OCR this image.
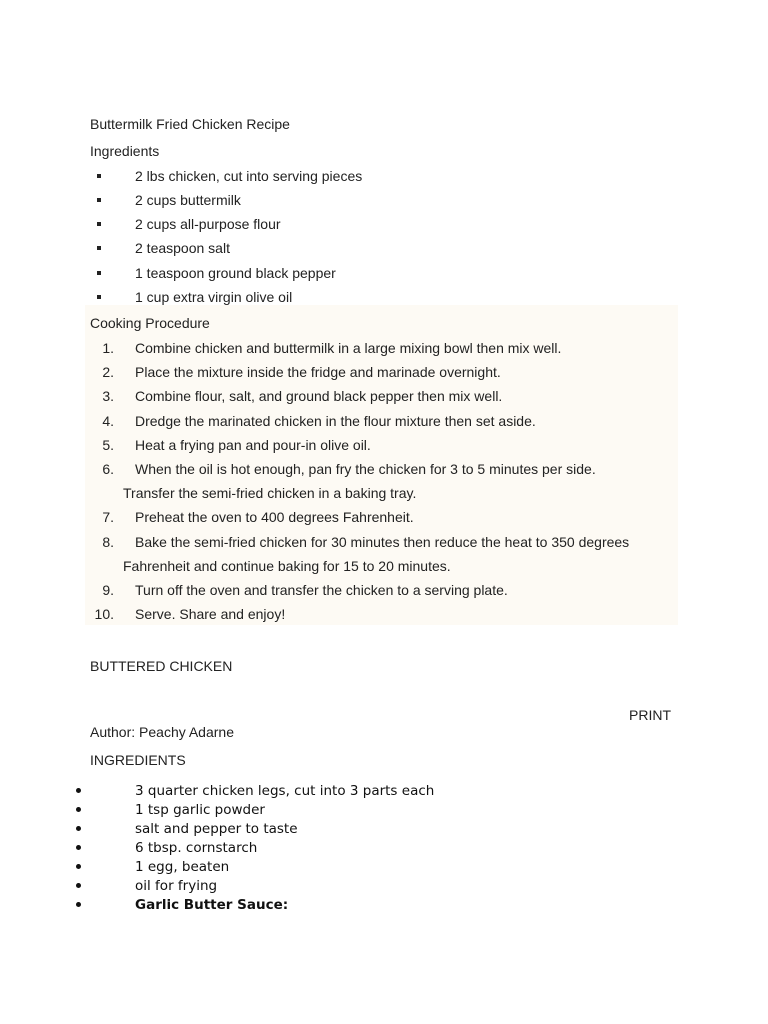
Buttermilk Fried Chicken Recipe
Ingredients
2 lbs chicken, cut into serving pieces
2 cups buttermilk
2 cups all-purpose flour
2 teaspoon salt
1 teaspoon ground black pepper
1 cup extra virgin olive oil
Cooking Procedure
1. Combine chicken and buttermilk in a large mixing bowl then mix well.
2. Place the mixture inside the fridge and marinade overnight.
3. Combine flour, salt, and ground black pepper then mix well.
4. Dredge the marinated chicken in the flour mixture then set aside.
5. Heat a frying pan and pour-in olive oil.
6. When the oil is hot enough, pan fry the chicken for 3 to 5 minutes per side.
Transfer the semi-fried chicken in a baking tray.
7. Preheat the oven to 400 degrees Fahrenheit.
8. Bake the semi-fried chicken for 30 minutes then reduce the heat to 350 degrees
Fahrenheit and continue baking for 15 to 20 minutes.
9. Turn off the oven and transfer the chicken to a serving plate.
10. Serve. Share and enjoy!
BUTTERED CHICKEN
PRINT
Author: Peachy Adarne
INGREDIENTS
3 quarter chicken legs, cut into 3 parts each
1 tsp garlic powder
salt and pepper to taste
6 tbsp. cornstarch
1 egg, beaten
oil for frying
Garlic Butter Sauce:
